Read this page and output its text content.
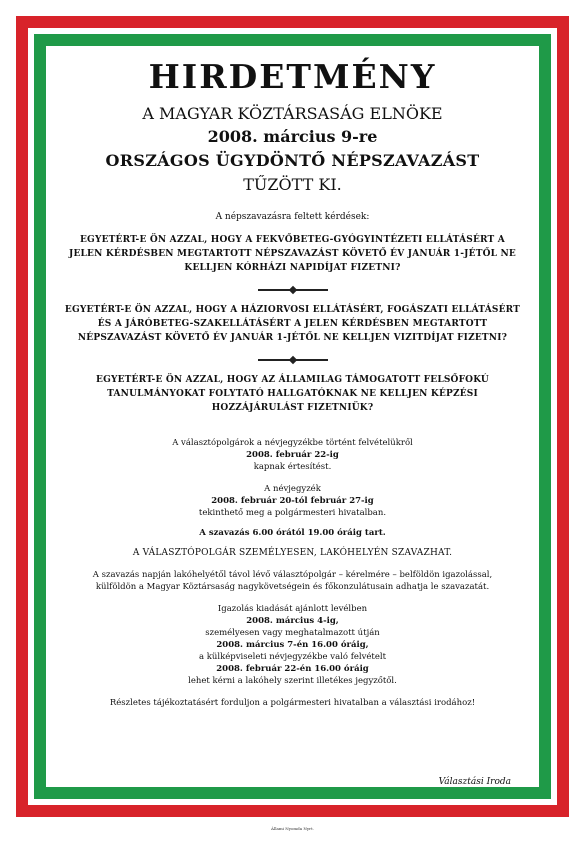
HIRDETMÉNY
A MAGYAR KÖZTÁRSASÁG ELNÖKE
2008. március 9-re
ORSZÁGOS ÜGYDÖNTŐ NÉPSZAVAZÁST
TŰZÖTT KI.
A népszavazásra feltett kérdések:
EGYETÉRT-E ÖN AZZAL, HOGY A FEKVŐBETEG-GYÓGYINTÉZETI ELLÁTÁSÉRT A JELEN KÉRDÉSBEN MEGTARTOTT NÉPSZAVAZÁST KÖVETŐ ÉV JANUÁR 1-JÉTŐL NE KELLJEN KÓRHÁZI NAPIDÍJAT FIZETNI?
EGYETÉRT-E ÖN AZZAL, HOGY A HÁZIORVOSI ELLÁTÁSÉRT, FOGÁSZATI ELLÁTÁSÉRT ÉS A JÁRÓBETEG-SZAKELLÁTÁSÉRT A JELEN KÉRDÉSBEN MEGTARTOTT NÉPSZAVAZÁST KÖVETŐ ÉV JANUÁR 1-JÉTŐL NE KELLJEN VIZITDÍJAT FIZETNI?
EGYETÉRT-E ÖN AZZAL, HOGY AZ ÁLLAMILAG TÁMOGATOTT FELSŐFOKÚ TANULMÁNYOKAT FOLYTATÓ HALLGATÓKNAK NE KELLJEN KÉPZÉSI HOZZÁJÁRULÁST FIZETNIÜK?
A választópolgárok a névjegyzékbe történt felvételükről
2008. február 22-ig
kapnak értesítést.
A névjegyzék
2008. február 20-tól február 27-ig
tekinthető meg a polgármesteri hivatalban.
A szavazás 6.00 órától 19.00 óráig tart.
A VÁLASZTÓPOLGÁR SZEMÉLYESEN, LAKÓHELYÉN SZAVAZHAT.
A szavazás napján lakóhelyétől távol lévő választópolgár – kérelmére – belföldön igazolással,
külföldön a Magyar Köztársaság nagykövetségein és főkonzulátusain adhatja le szavazatát.
Igazolás kiadását ajánlott levélben
2008. március 4-ig,
személyesen vagy meghatalmazott útján
2008. március 7-én 16.00 óráig,
a külképviseleti névjegyzékbe való felvételt
2008. február 22-én 16.00 óráig
lehet kérni a lakóhely szerint illetékes jegyzőtől.
Részletes tájékoztatásért forduljon a polgármesteri hivatalban a választási irodához!
Választási Iroda
Állami Nyomda Nyrt.
